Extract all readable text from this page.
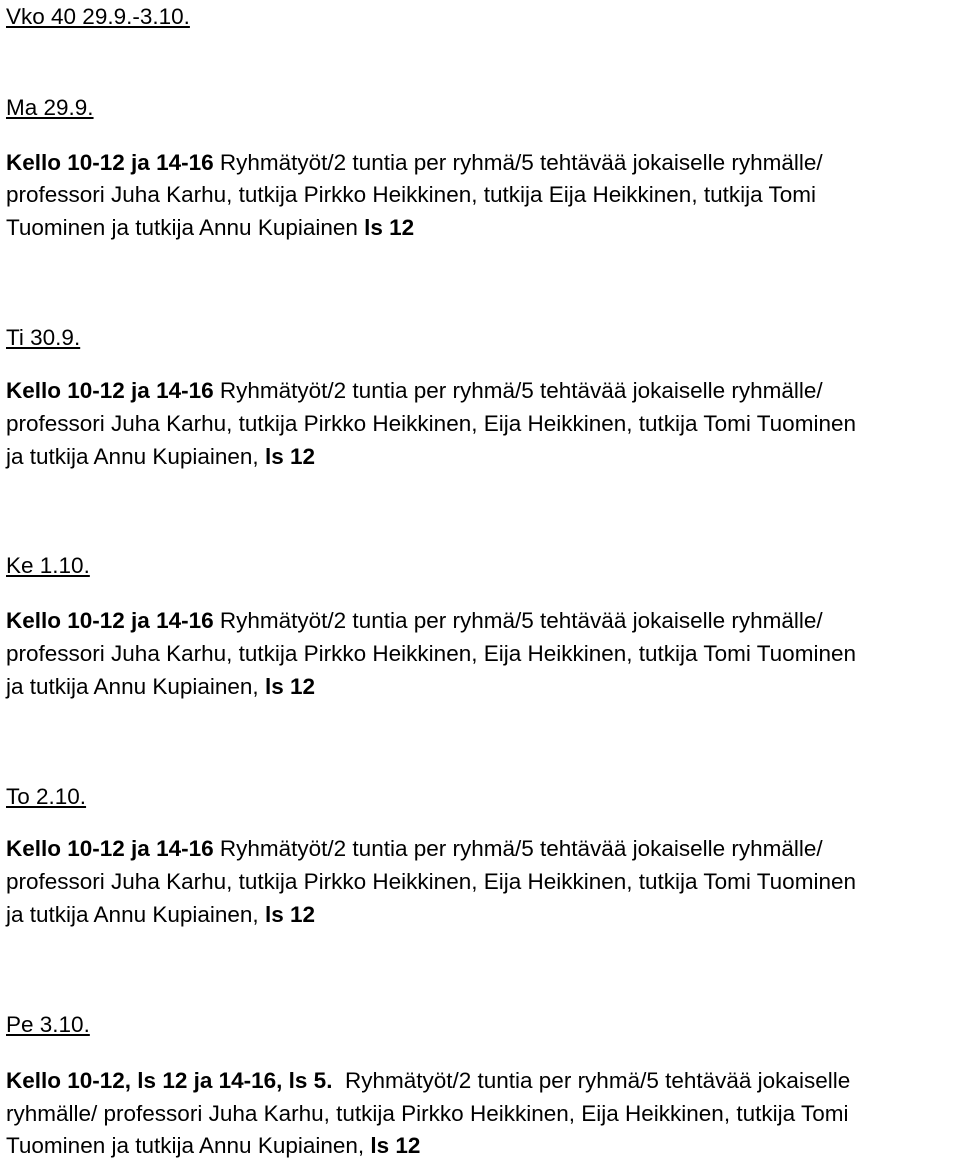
Vko 40 29.9.-3.10.
Ma 29.9.
Kello 10-12 ja 14-16 Ryhmätyöt/2 tuntia per ryhmä/5 tehtävää jokaiselle ryhmälle/
professori Juha Karhu, tutkija Pirkko Heikkinen, tutkija Eija Heikkinen, tutkija Tomi
Tuominen ja tutkija Annu Kupiainen ls 12
Ti 30.9.
Kello 10-12 ja 14-16 Ryhmätyöt/2 tuntia per ryhmä/5 tehtävää jokaiselle ryhmälle/
professori Juha Karhu, tutkija Pirkko Heikkinen, Eija Heikkinen, tutkija Tomi Tuominen
ja tutkija Annu Kupiainen, ls 12
Ke 1.10.
Kello 10-12 ja 14-16 Ryhmätyöt/2 tuntia per ryhmä/5 tehtävää jokaiselle ryhmälle/
professori Juha Karhu, tutkija Pirkko Heikkinen, Eija Heikkinen, tutkija Tomi Tuominen
ja tutkija Annu Kupiainen, ls 12
To 2.10.
Kello 10-12 ja 14-16 Ryhmätyöt/2 tuntia per ryhmä/5 tehtävää jokaiselle ryhmälle/
professori Juha Karhu, tutkija Pirkko Heikkinen, Eija Heikkinen, tutkija Tomi Tuominen
ja tutkija Annu Kupiainen, ls 12
Pe 3.10.
Kello 10-12, ls 12 ja 14-16, ls 5.  Ryhmätyöt/2 tuntia per ryhmä/5 tehtävää jokaiselle
ryhmälle/ professori Juha Karhu, tutkija Pirkko Heikkinen, Eija Heikkinen, tutkija Tomi
Tuominen ja tutkija Annu Kupiainen, ls 12
